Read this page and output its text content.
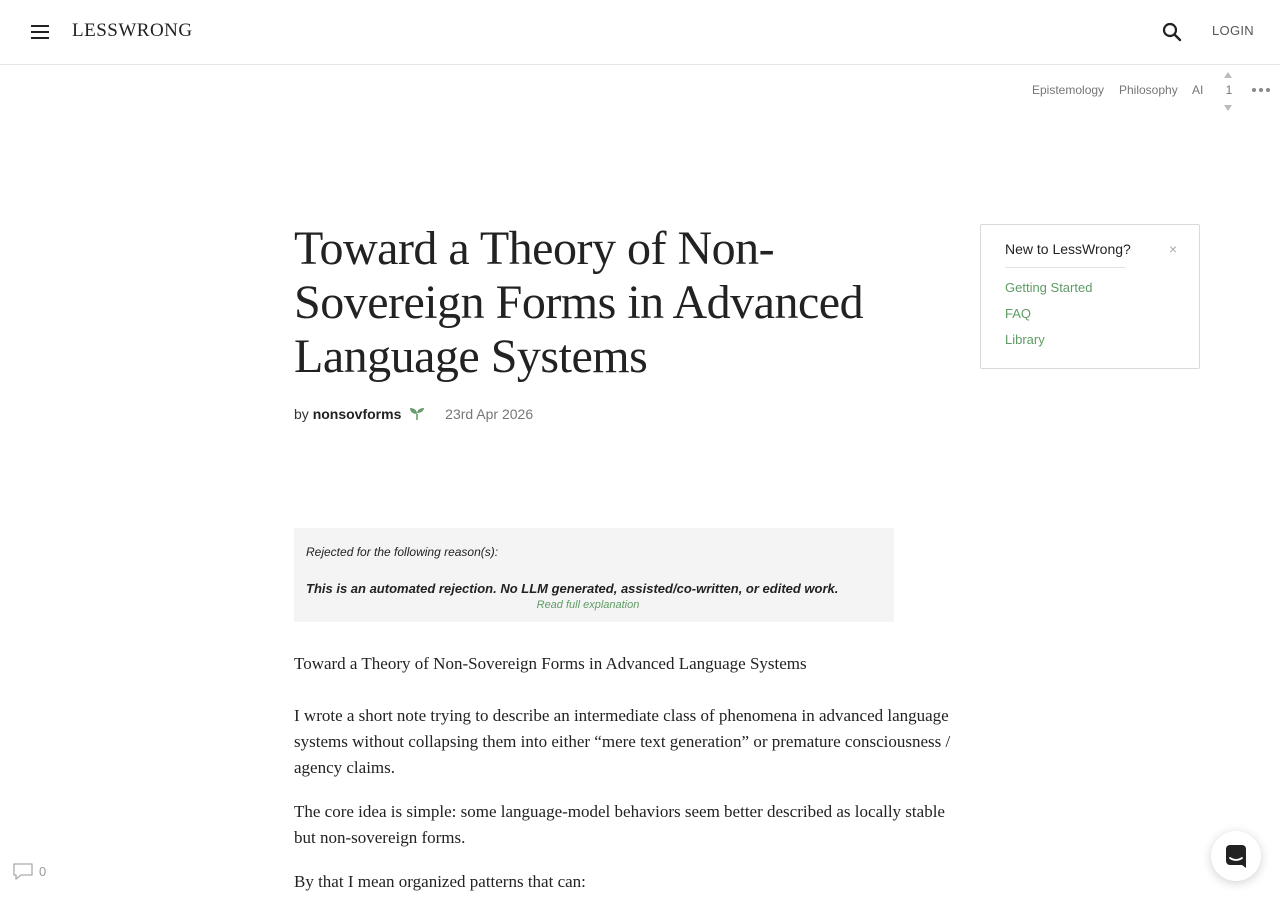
LESSWRONG	LOGIN
Epistemology Philosophy AI	1
Toward a Theory of Non-Sovereign Forms in Advanced Language Systems
by nonsovforms	23rd Apr 2026
Rejected for the following reason(s):
This is an automated rejection. No LLM generated, assisted/co-written, or edited work.
Read full explanation

Toward a Theory of Non-Sovereign Forms in Advanced Language Systems

I wrote a short note trying to describe an intermediate class of phenomena in advanced language systems without collapsing them into either “mere text generation” or premature consciousness / agency claims.

The core idea is simple: some language-model behaviors seem better described as locally stable but non-sovereign forms.

By that I mean organized patterns that can:

New to LessWrong?	×
Getting Started
FAQ
Library
0
